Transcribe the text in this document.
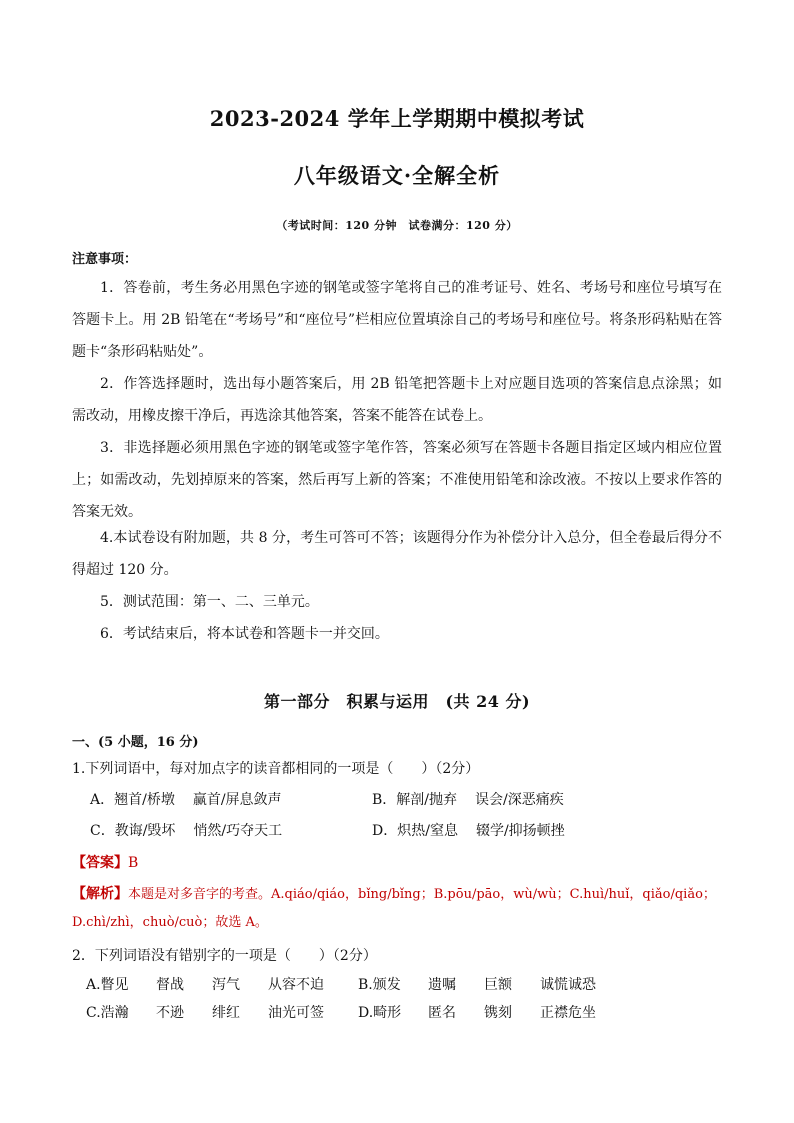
2023-2024 学年上学期期中模拟考试
八年级语文·全解全析
（考试时间：120 分钟　试卷满分：120 分）
注意事项：

1．答卷前，考生务必用黑色字迹的钢笔或签字笔将自己的准考证号、姓名、考场号和座位号填写在答题卡上。用 2B 铅笔在“考场号”和“座位号”栏相应位置填涂自己的考场号和座位号。将条形码粘贴在答题卡“条形码粘贴处”。

2．作答选择题时，选出每小题答案后，用 2B 铅笔把答题卡上对应题目选项的答案信息点涂黑；如需改动，用橡皮擦干净后，再选涂其他答案，答案不能答在试卷上。

3．非选择题必须用黑色字迹的钢笔或签字笔作答，答案必须写在答题卡各题目指定区域内相应位置上；如需改动，先划掉原来的答案，然后再写上新的答案；不准使用铅笔和涂改液。不按以上要求作答的答案无效。

4.本试卷设有附加题，共 8 分，考生可答可不答；该题得分作为补偿分计入总分，但全卷最后得分不得超过 120 分。

5．测试范围：第一、二、三单元。

6．考试结束后，将本试卷和答题卡一并交回。

第一部分　积累与运用　(共 24 分)
一、(5 小题，16 分)
1.下列词语中，每对加点字的读音都相同的一项是（　　）（2分）
A．翘首/桥墩 赢首/屏息敛声	B．解剖/抛弃 误会/深恶痛疾
C．教诲/毁坏 悄然/巧夺天工	D．炽热/窒息 辍学/抑扬顿挫
【答案】B
【解析】本题是对多音字的考查。A.qiáo/qiáo，bǐng/bǐng；B.pōu/pāo，wù/wù；C.huì/huǐ，qiǎo/qiǎo；D.chì/zhì，chuò/cuò；故选 A。
2．下列词语没有错别字的一项是（　　）（2分）
A.瞥见 督战 泻气 从容不迫 B.颁发 遗嘱 巨额 诚慌诚恐
C.浩瀚 不逊 绯红 油光可签 D.畸形 匿名 镌刻 正襟危坐
